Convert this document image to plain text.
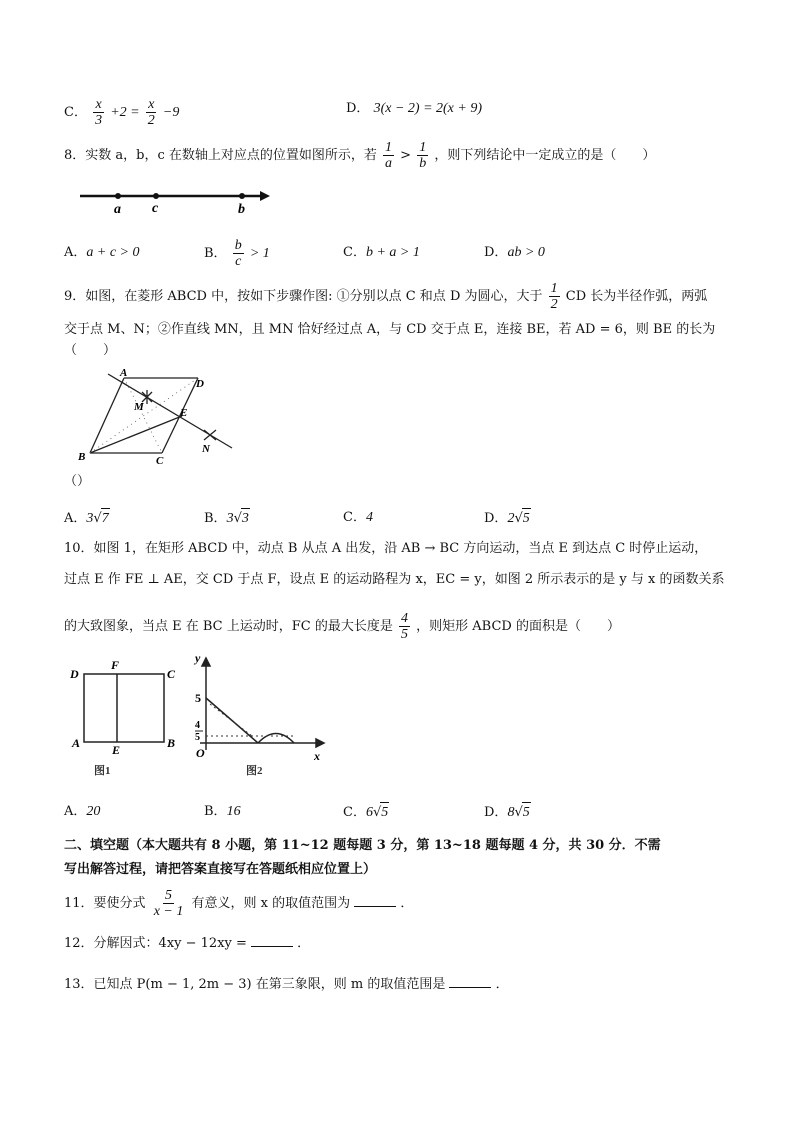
C． $\frac{x}{3} +2 = \frac{x}{2} -9$	D． 3(x − 2) = 2(x + 9)
8．实数 a，b，c 在数轴上对应点的位置如图所示，若 $\frac{1}{a} > \frac{1}{b}$ ，则下列结论中一定成立的是（　　）
a c	b
A．a + c > 0	B． $\frac{b}{c} > 1$	C．b + a > 1	D．ab > 0
9．如图，在菱形 ABCD 中，按如下步骤作图: ①分别以点 C 和点 D 为圆心，大于 $\frac{1}{2}$ CD 长为半径作弧，两弧
交于点 M、N；②作直线 MN，且 MN 恰好经过点 A，与 CD 交于点 E，连接 BE，若 AD = 6，则 BE 的长为
（　　）
A
D
M	E
N
B	C
（）
A．3√7	B．3√3	C．4	D．2√5
10．如图 1，在矩形 ABCD 中，动点 B 从点 A 出发，沿 AB → BC 方向运动，当点 E 到达点 C 时停止运动，
过点 E 作 FE ⊥ AE，交 CD 于点 F，设点 E 的运动路程为 x，EC = y，如图 2 所示表示的是 y 与 x 的函数关系
的大致图象，当点 E 在 BC 上运动时，FC 的最大长度是 $\frac{4}{5}$ ，则矩形 ABCD 的面积是（　　）
D
F
C
A	E	B
图1
y
5
4
5
O	x
图2
A．20	B．16	C．6√5	D．8√5
二、填空题（本大题共有 8 小题，第 11~12 题每题 3 分，第 13~18 题每题 4 分，共 30 分．不需
写出解答过程，请把答案直接写在答题纸相应位置上）
11．要使分式 $\frac{5}{x - 1}$ 有意义，则 x 的取值范围为	．
12．分解因式：4xy − 12xy =	．
13．已知点 P(m − 1, 2m − 3) 在第三象限，则 m 的取值范围是	．
